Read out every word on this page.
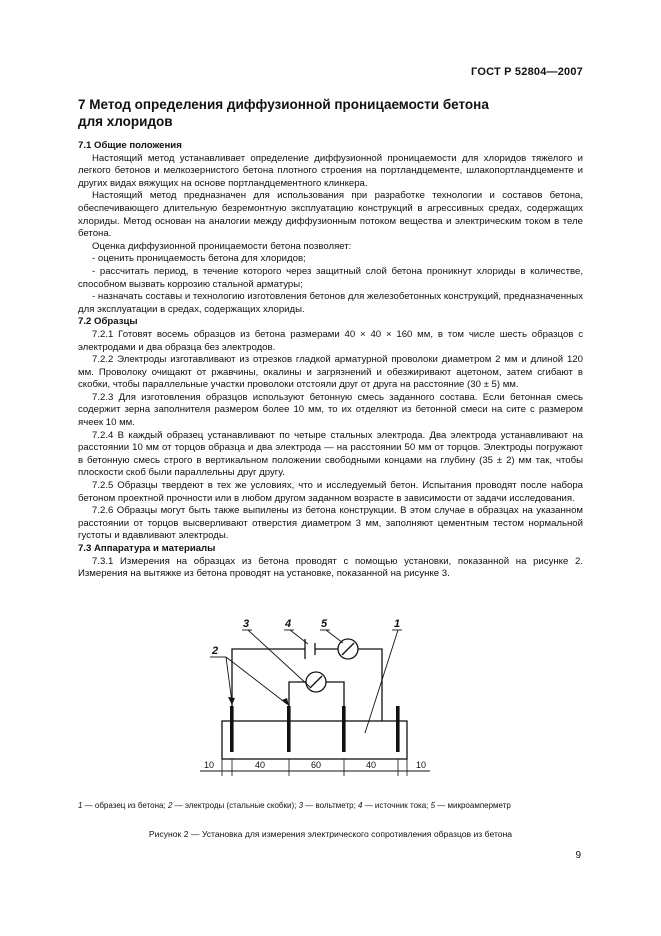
ГОСТ Р 52804—2007
7 Метод определения диффузионной проницаемости бетона
для хлоридов

7.1 Общие положения

Настоящий метод устанавливает определение диффузионной проницаемости для хлоридов тяжелого и легкого бетонов и мелкозернистого бетона плотного строения на портландцементе, шлакопортландцементе и других видах вяжущих на основе портландцементного клинкера.

Настоящий метод предназначен для использования при разработке технологии и составов бетона, обеспечивающего длительную безремонтную эксплуатацию конструкций в агрессивных средах, содержащих хлориды. Метод основан на аналогии между диффузионным потоком вещества и электрическим током в теле бетона.

Оценка диффузионной проницаемости бетона позволяет:

- оценить проницаемость бетона для хлоридов;

- рассчитать период, в течение которого через защитный слой бетона проникнут хлориды в количестве, способном вызвать коррозию стальной арматуры;

- назначать составы и технологию изготовления бетонов для железобетонных конструкций, предназначенных для эксплуатации в средах, содержащих хлориды.

7.2 Образцы

7.2.1 Готовят восемь образцов из бетона размерами 40 × 40 × 160 мм, в том числе шесть образцов с электродами и два образца без электродов.

7.2.2 Электроды изготавливают из отрезков гладкой арматурной проволоки диаметром 2 мм и длиной 120 мм. Проволоку очищают от ржавчины, окалины и загрязнений и обезжиривают ацетоном, затем сгибают в скобки, чтобы параллельные участки проволоки отстояли друг от друга на расстояние (30 ± 5) мм.

7.2.3 Для изготовления образцов используют бетонную смесь заданного состава. Если бетонная смесь содержит зерна заполнителя размером более 10 мм, то их отделяют из бетонной смеси на сите с размером ячеек 10 мм.

7.2.4 В каждый образец устанавливают по четыре стальных электрода. Два электрода устанавливают на расстоянии 10 мм от торцов образца и два электрода — на расстоянии 50 мм от торцов. Электроды погружают в бетонную смесь строго в вертикальном положении свободными концами на глубину (35 ± 2) мм так, чтобы плоскости скоб были параллельны друг другу.

7.2.5 Образцы твердеют в тех же условиях, что и исследуемый бетон. Испытания проводят после набора бетоном проектной прочности или в любом другом заданном возрасте в зависимости от задачи исследования.

7.2.6 Образцы могут быть также выпилены из бетона конструкции. В этом случае в образцах на указанном расстоянии от торцов высверливают отверстия диаметром 3 мм, заполняют цементным тестом нормальной густоты и вдавливают электроды.

7.3 Аппаратура и материалы

7.3.1 Измерения на образцах из бетона проводят с помощью установки, показанной на рисунке 2. Измерения на вытяжке из бетона проводят на установке, показанной на рисунке 3.

3	4	5	1
2
10	40	60	40	10
1 — образец из бетона; 2 — электроды (стальные скобки); 3 — вольтметр; 4 — источник тока; 5 — микроамперметр
Рисунок 2 — Установка для измерения электрического сопротивления образцов из бетона
9
